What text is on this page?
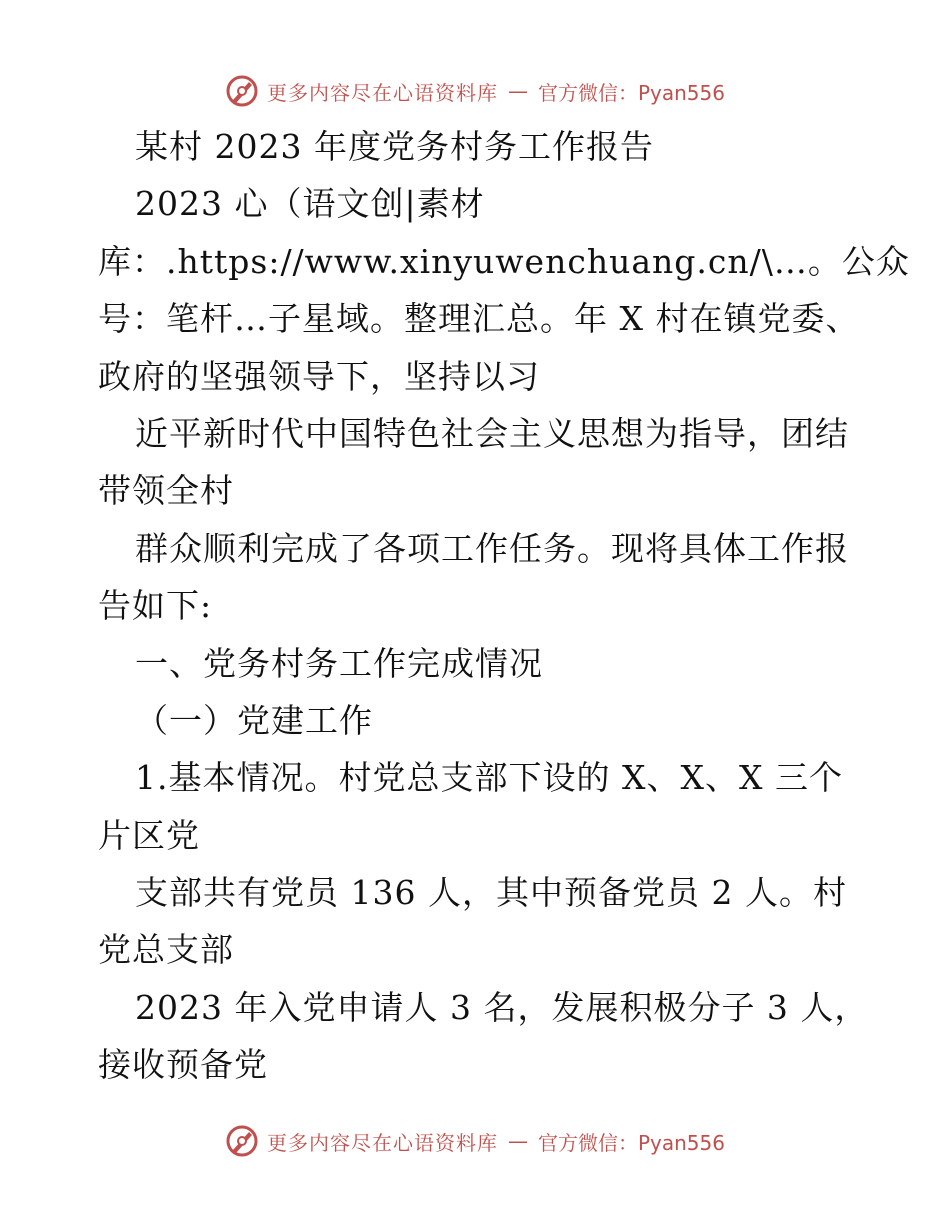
更多内容尽在心语资料库 — 官方微信：Pyan556
某村 2023 年度党务村务工作报告
2023 心（语文创|素材
库：.https://www.xinyuwenchuang.cn/\…。公众
号：笔杆…子星域。整理汇总。年 X 村在镇党委、
政府的坚强领导下，坚持以习
近平新时代中国特色社会主义思想为指导，团结
带领全村
群众顺利完成了各项工作任务。现将具体工作报
告如下:
一、党务村务工作完成情况
（一）党建工作
1.基本情况。村党总支部下设的 X、X、X 三个
片区党
支部共有党员 136 人，其中预备党员 2 人。村
党总支部
2023 年入党申请人 3 名，发展积极分子 3 人，
接收预备党
更多内容尽在心语资料库 — 官方微信：Pyan556
